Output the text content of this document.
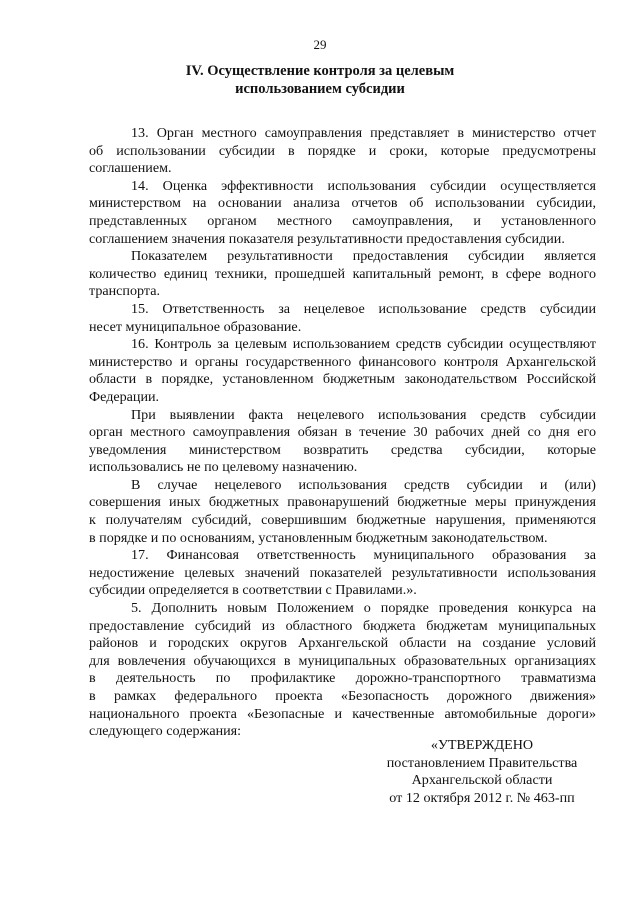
29
IV. Осуществление контроля за целевым
использованием субсидии

13. Орган местного самоуправления представляет в министерство отчет
об использовании субсидии в порядке и сроки, которые предусмотрены
соглашением.

14. Оценка эффективности использования субсидии осуществляется
министерством на основании анализа отчетов об использовании субсидии,
представленных органом местного самоуправления, и установленного
соглашением значения показателя результативности предоставления субсидии.

Показателем результативности предоставления субсидии является
количество единиц техники, прошедшей капитальный ремонт, в сфере водного
транспорта.

15. Ответственность за нецелевое использование средств субсидии
несет муниципальное образование.

16. Контроль за целевым использованием средств субсидии осуществляют
министерство и органы государственного финансового контроля Архангельской
области в порядке, установленном бюджетным законодательством Российской
Федерации.

При выявлении факта нецелевого использования средств субсидии
орган местного самоуправления обязан в течение 30 рабочих дней со дня его
уведомления министерством возвратить средства субсидии, которые
использовались не по целевому назначению.

В случае нецелевого использования средств субсидии и (или)
совершения иных бюджетных правонарушений бюджетные меры принуждения
к получателям субсидий, совершившим бюджетные нарушения, применяются
в порядке и по основаниям, установленным бюджетным законодательством.

17. Финансовая ответственность муниципального образования за
недостижение целевых значений показателей результативности использования
субсидии определяется в соответствии с Правилами.».

5. Дополнить новым Положением о порядке проведения конкурса на
предоставление субсидий из областного бюджета бюджетам муниципальных
районов и городских округов Архангельской области на создание условий
для вовлечения обучающихся в муниципальных образовательных организациях
в деятельность по профилактике дорожно-транспортного травматизма
в рамках федерального проекта «Безопасность дорожного движения»
национального проекта «Безопасные и качественные автомобильные дороги»
следующего содержания:

«УТВЕРЖДЕНО
постановлением Правительства
Архангельской области
от 12 октября 2012 г. № 463-пп
